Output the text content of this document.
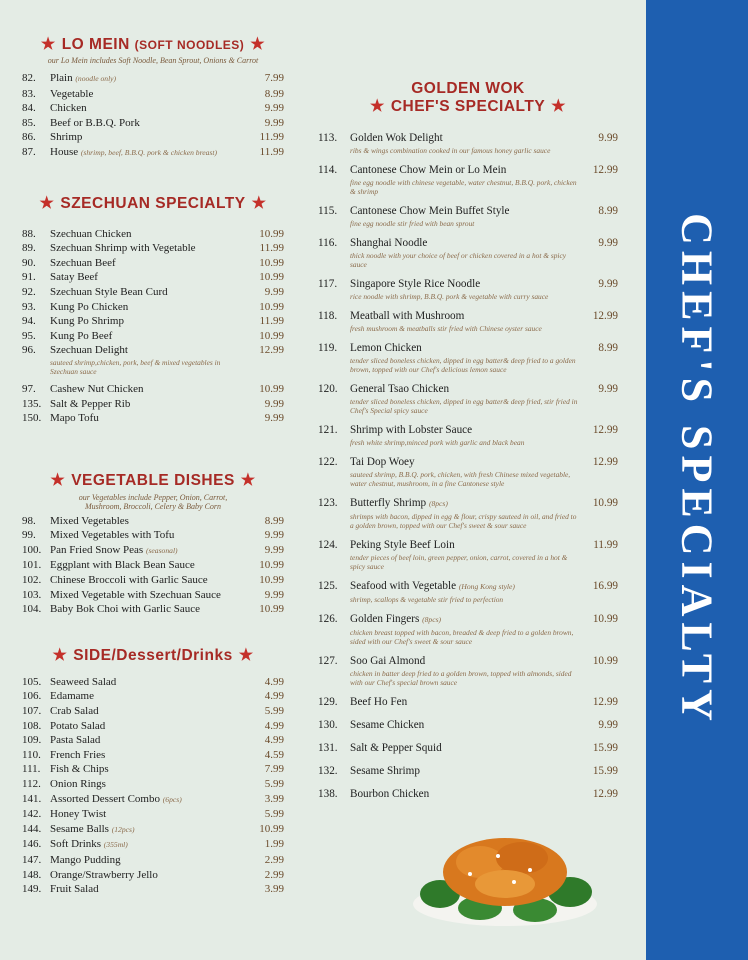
★ LO MEIN (SOFT NOODLES) ★
our Lo Mein includes Soft Noodle, Bean Sprout, Onions & Carrot
82.	Plain (noodle only)	7.99
83.	Vegetable	8.99
84.	Chicken	9.99
85.	Beef or B.B.Q. Pork	9.99
86.	Shrimp	11.99
87.	House (shrimp, beef, B.B.Q. pork & chicken breast)	11.99
★ SZECHUAN SPECIALTY ★
88.	Szechuan Chicken	10.99
89.	Szechuan Shrimp with Vegetable	11.99
90.	Szechuan Beef	10.99
91.	Satay Beef	10.99
92.	Szechuan Style Bean Curd	9.99
93.	Kung Po Chicken	10.99
94.	Kung Po Shrimp	11.99
95.	Kung Po Beef	10.99
96.	Szechuan Delight	12.99
sauteed shrimp,chicken, pork, beef & mixed vegetables in Szechuan sauce
97.	Cashew Nut Chicken	10.99
135. Salt & Pepper Rib	9.99
150. Mapo Tofu	9.99
★ VEGETABLE DISHES ★
our Vegetables include Pepper, Onion, Carrot, Mushroom, Broccoli, Celery & Baby Corn
98.	Mixed Vegetables	8.99
99.	Mixed Vegetables with Tofu	9.99
100. Pan Fried Snow Peas (seasonal)	9.99
101. Eggplant with Black Bean Sauce	10.99
102. Chinese Broccoli with Garlic Sauce	10.99
103. Mixed Vegetable with Szechuan Sauce	9.99
104. Baby Bok Choi with Garlic Sauce	10.99
★ SIDE/Dessert/Drinks ★
105. Seaweed Salad	4.99
106. Edamame	4.99
107. Crab Salad	5.99
108. Potato Salad	4.99
109. Pasta Salad	4.99
110. French Fries	4.59
111. Fish & Chips	7.99
112. Onion Rings	5.99
141. Assorted Dessert Combo (6pcs)	3.99
142. Honey Twist	5.99
144. Sesame Balls (12pcs)	10.99
146. Soft Drinks (355ml)	1.99
147. Mango Pudding	2.99
148. Orange/Strawberry Jello	2.99
149. Fruit Salad	3.99
GOLDEN WOK
★ CHEF'S SPECIALTY ★
113.	Golden Wok Delight	9.99
ribs & wings combination cooked in our famous honey garlic sauce
114.	Cantonese Chow Mein or Lo Mein	12.99
fine egg noodle with chinese vegetable, water chestnut, B.B.Q. pork, chicken & shrimp
115.	Cantonese Chow Mein Buffet Style	8.99
fine egg noodle stir fried with bean sprout
116.	Shanghai Noodle	9.99
thick noodle with your choice of beef or chicken covered in a hot & spicy sauce
117.	Singapore Style Rice Noodle	9.99
rice noodle with shrimp, B.B.Q. pork & vegetable with curry sauce
118.	Meatball with Mushroom	12.99
fresh mushroom & meatballs stir fried with Chinese oyster sauce
119.	Lemon Chicken	8.99
tender sliced boneless chicken, dipped in egg batter& deep fried to a golden brown, topped with our Chef's delicious lemon sauce
120.	General Tsao Chicken	9.99
tender sliced boneless chicken, dipped in egg batter& deep fried, stir fried in Chef's Special spicy sauce
121.	Shrimp with Lobster Sauce	12.99
fresh white shrimp,minced pork with garlic and black bean
122.	Tai Dop Woey	12.99
sauteed shrimp, B.B.Q. pork, chicken, with fresh Chinese mixed vegetable, water chestnut, mushroom, in a fine Cantonese style
123.	Butterfly Shrimp (8pcs)	10.99
shrimps with bacon, dipped in egg & flour, crispy sauteed in oil, and fried to a golden brown, topped with our Chef's sweet & sour sauce
124.	Peking Style Beef Loin	11.99
tender pieces of beef loin, green pepper, onion, carrot, covered in a hot & spicy sauce
125.	Seafood with Vegetable (Hong Kong style)	16.99
shrimp, scallops & vegetable stir fried to perfection
126.	Golden Fingers (8pcs)	10.99
chicken breast topped with bacon, breaded & deep fried to a golden brown, sided with our Chef's sweet & sour sauce
127.	Soo Gai Almond	10.99
chicken in batter deep fried to a golden brown, topped with almonds, sided with our Chef's special brown sauce
129.	Beef Ho Fen	12.99
130.	Sesame Chicken	9.99
131.	Salt & Pepper Squid	15.99
132.	Sesame Shrimp	15.99
138.	Bourbon Chicken	12.99
CHEF'S SPECIALTY
